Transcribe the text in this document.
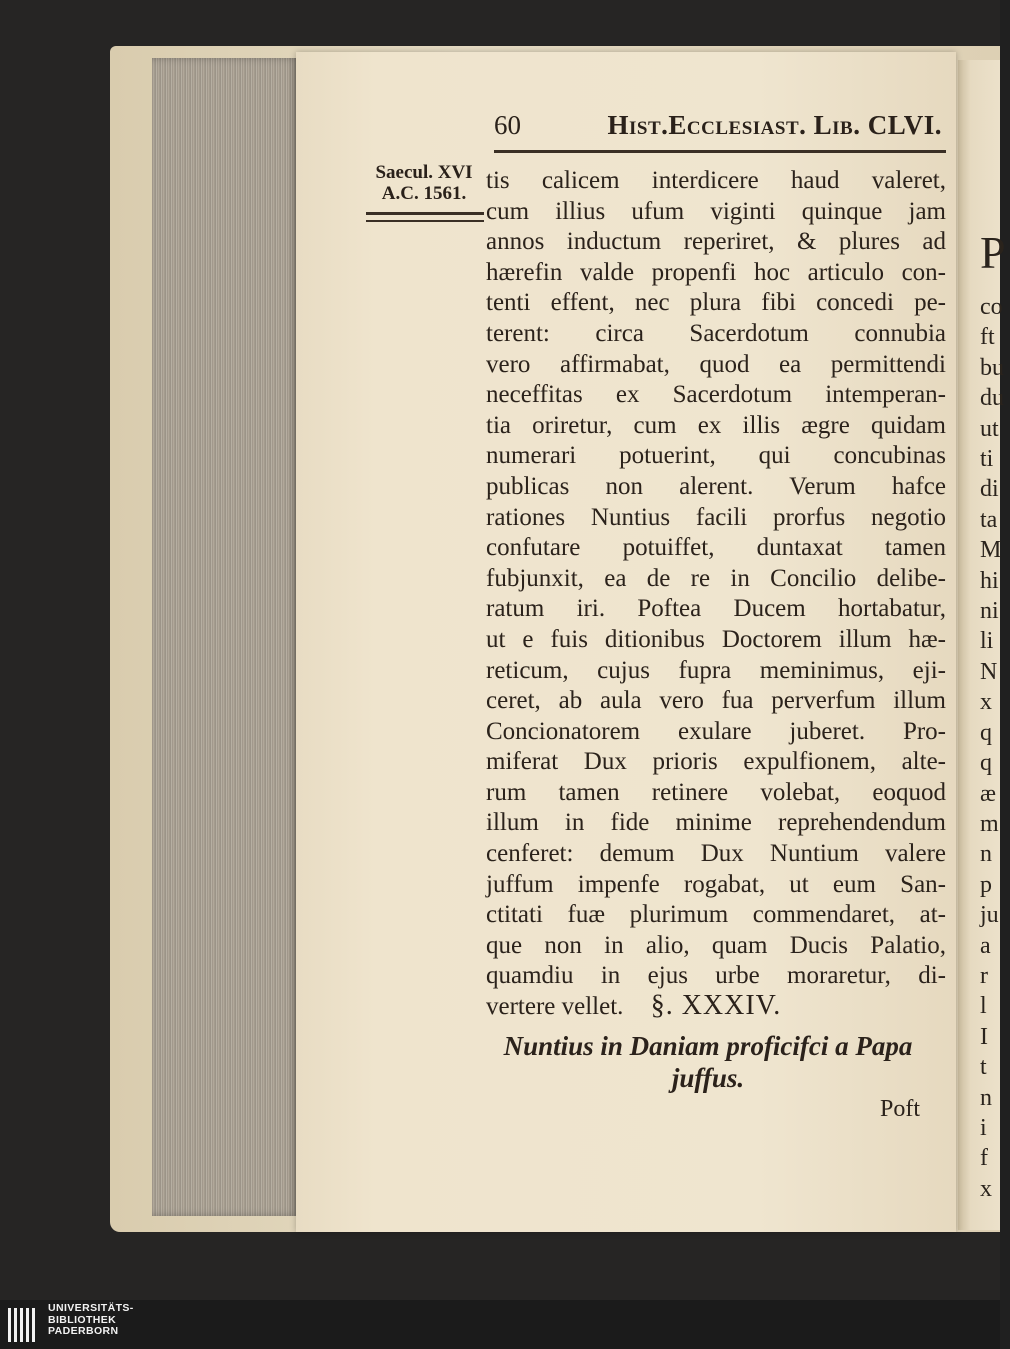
P
co
ft
bu
du
ut
ti
di
ta
M
hi
ni
li
N
x
q
q
æ
m
n
p
ju
a
r
l
I
t
n
i
f
x
60	Hist.Ecclesiast. Lib. CLVI.
Saecul. XVI
A.C. 1561. tis calicem interdicere haud valeret,
cum illius ufum viginti quinque jam
annos inductum reperiret, & plures ad
hærefin valde propenfi hoc articulo con-
tenti effent, nec plura fibi concedi pe-
terent: circa Sacerdotum connubia
vero affirmabat, quod ea permittendi
neceffitas ex Sacerdotum intemperan-
tia oriretur, cum ex illis ægre quidam
numerari potuerint, qui concubinas
publicas non alerent. Verum hafce
rationes Nuntius facili prorfus negotio
confutare potuiffet, duntaxat tamen
fubjunxit, ea de re in Concilio delibe-
ratum iri. Poftea Ducem hortabatur,
ut e fuis ditionibus Doctorem illum hæ-
reticum, cujus fupra meminimus, eji-
ceret, ab aula vero fua perverfum illum
Concionatorem exulare juberet. Pro-
miferat Dux prioris expulfionem, alte-
rum tamen retinere volebat, eoquod
illum in fide minime reprehendendum
cenferet: demum Dux Nuntium valere
juffum impenfe rogabat, ut eum San-
ctitati fuæ plurimum commendaret, at-
que non in alio, quam Ducis Palatio,
quamdiu in ejus urbe moraretur, di-
vertere vellet. §. XXXIV.
Nuntius in Daniam proficifci a Papa
juffus.
Poft
UNIVERSITÄTS-
BIBLIOTHEK
PADERBORN
